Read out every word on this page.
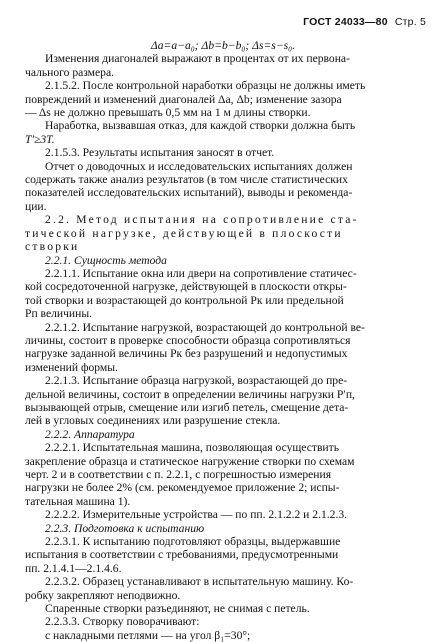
ГОСТ 24033—80 Стр. 5

Δa=a−a₀; Δb=b−b₀; Δs=s−s₀.

Изменения диагоналей выражают в процентах от их первона-

чального размера.

2.1.5.2. После контрольной наработки образцы не должны иметь

повреждений и изменений диагоналей Δa, Δb; изменение зазора

— Δs не должно превышать 0,5 мм на 1 м длины створки.

Наработка, вызвавшая отказ, для каждой створки должна быть

T′≥3T.

2.1.5.3. Результаты испытания заносят в отчет.

Отчет о доводочных и исследовательских испытаниях должен

содержать также анализ результатов (в том числе статистических

показателей исследовательских испытаний), выводы и рекоменда-

ции.

2.2. Метод испытания на сопротивление ста-

тической нагрузке, действующей в плоскости

створки

2.2.1. Сущность метода

2.2.1.1. Испытание окна или двери на сопротивление статичес-

кой сосредоточенной нагрузке, действующей в плоскости откры-

той створки и возрастающей до контрольной Pк или предельной

Pп величины.

2.2.1.2. Испытание нагрузкой, возрастающей до контрольной ве-

личины, состоит в проверке способности образца сопротивляться

нагрузке заданной величины Pк без разрушений и недопустимых

изменений формы.

2.2.1.3. Испытание образца нагрузкой, возрастающей до пре-

дельной величины, состоит в определении величины нагрузки P′п,

вызывающей отрыв, смещение или изгиб петель, смещение дета-

лей в угловых соединениях или разрушение стекла.

2.2.2. Аппаратура

2.2.2.1. Испытательная машина, позволяющая осуществить

закрепление образца и статическое нагружение створки по схемам

черт. 2 и в соответствии с п. 2.2.1, с погрешностью измерения

нагрузки не более 2% (см. рекомендуемое приложение 2; испы-

тательная машина 1).

2.2.2.2. Измерительные устройства — по пп. 2.1.2.2 и 2.1.2.3.

2.2.3. Подготовка к испытанию

2.2.3.1. К испытанию подготовляют образцы, выдержавшие

испытания в соответствии с требованиями, предусмотренными

пп. 2.1.4.1—2.1.4.6.

2.2.3.2. Образец устанавливают в испытательную машину. Ко-

робку закрепляют неподвижно.

Спаренные створки разъединяют, не снимая с петель.

2.2.3.3. Створку поворачивают:

с накладными петлями — на угол β₁=30°;
